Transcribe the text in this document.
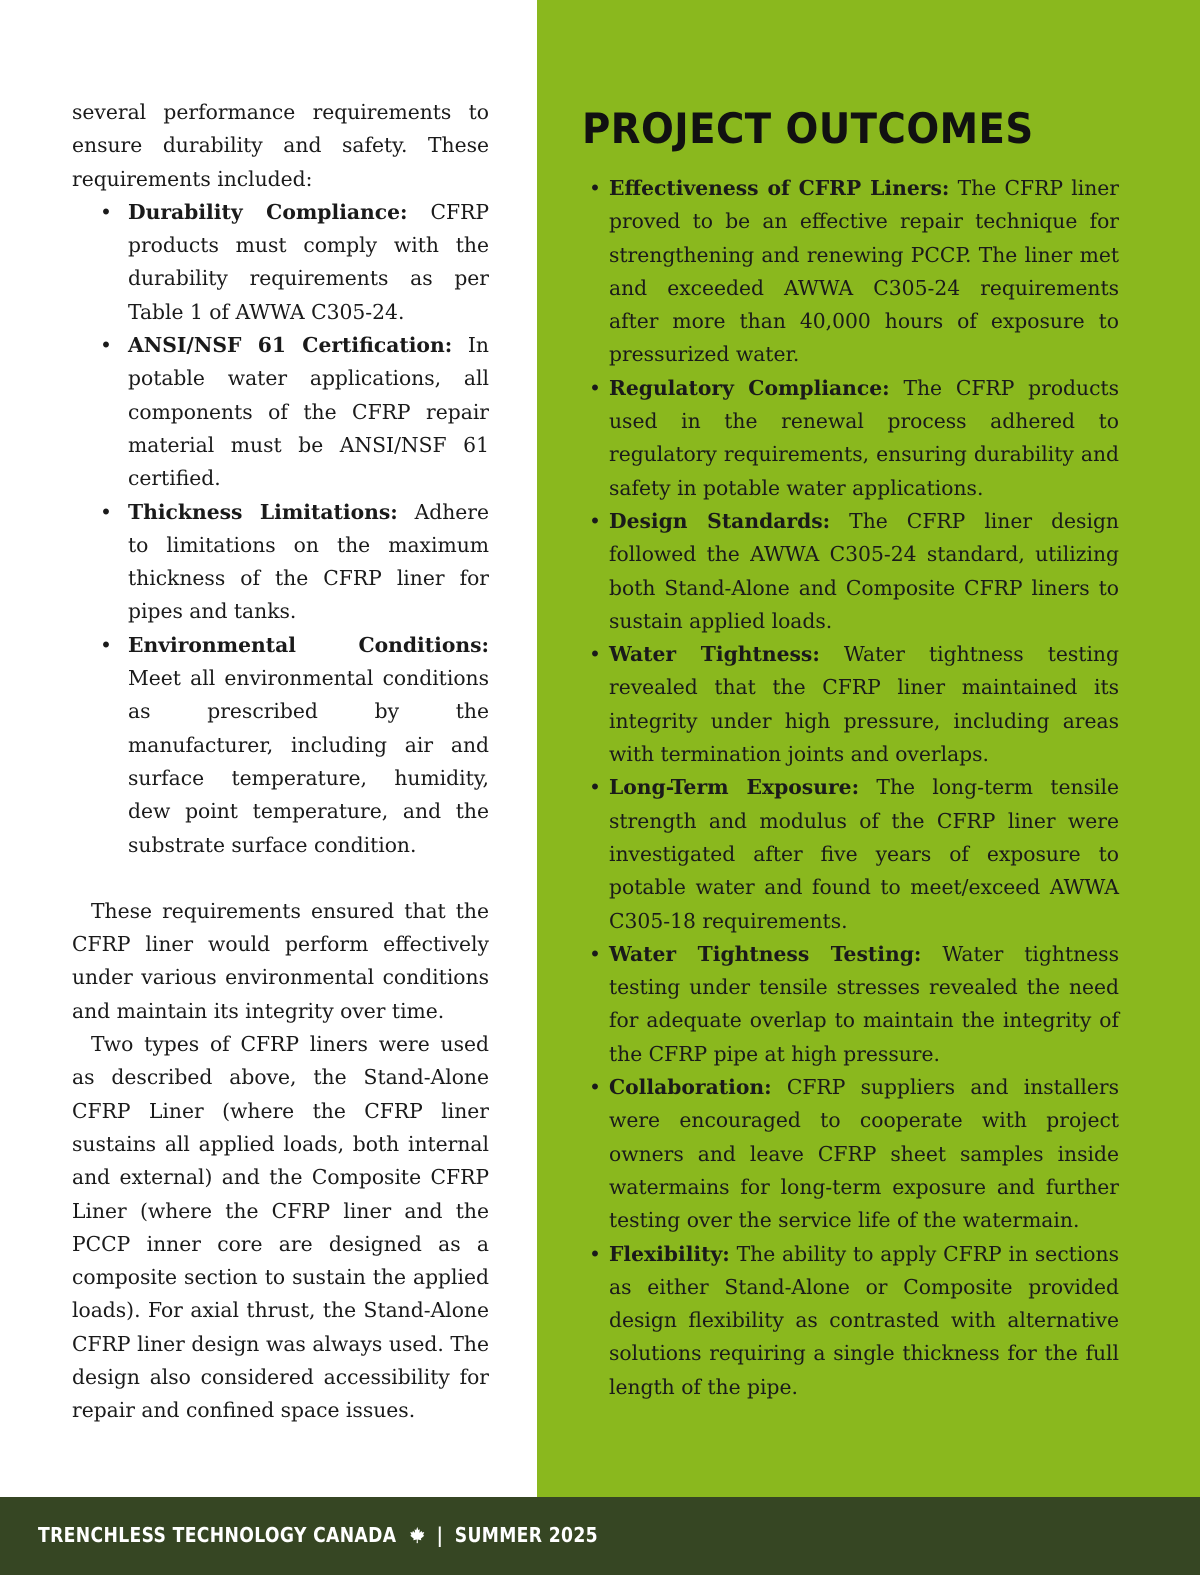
several performance requirements to ensure durability and safety. These requirements included:

• Durability Compliance: CFRP products must comply with the durability requirements as per Table 1 of AWWA C305-24.
• ANSI/NSF 61 Certification: In potable water applications, all components of the CFRP repair material must be ANSI/NSF 61 certified.
• Thickness Limitations: Adhere to limitations on the maximum thickness of the CFRP liner for pipes and tanks.
• Environmental Conditions: Meet all environmental conditions as prescribed by the manufacturer, including air and surface temperature, humidity, dew point temperature, and the substrate surface condition.

These requirements ensured that the CFRP liner would perform effectively under various environmental conditions and maintain its integrity over time.

Two types of CFRP liners were used as described above, the Stand-Alone CFRP Liner (where the CFRP liner sustains all applied loads, both internal and external) and the Composite CFRP Liner (where the CFRP liner and the PCCP inner core are designed as a composite section to sustain the applied loads). For axial thrust, the Stand-Alone CFRP liner design was always used. The design also considered accessibility for repair and confined space issues.

PROJECT OUTCOMES
• Effectiveness of CFRP Liners: The CFRP liner proved to be an effective repair technique for strengthening and renewing PCCP. The liner met and exceeded AWWA C305-24 requirements after more than 40,000 hours of exposure to pressurized water.
• Regulatory Compliance: The CFRP products used in the renewal process adhered to regulatory requirements, ensuring durability and safety in potable water applications.
• Design Standards: The CFRP liner design followed the AWWA C305-24 standard, utilizing both Stand-Alone and Composite CFRP liners to sustain applied loads.
• Water Tightness: Water tightness testing revealed that the CFRP liner maintained its integrity under high pressure, including areas with termination joints and overlaps.
• Long-Term Exposure: The long-term tensile strength and modulus of the CFRP liner were investigated after five years of exposure to potable water and found to meet/exceed AWWA C305-18 requirements.
• Water Tightness Testing: Water tightness testing under tensile stresses revealed the need for adequate overlap to maintain the integrity of the CFRP pipe at high pressure.
• Collaboration: CFRP suppliers and installers were encouraged to cooperate with project owners and leave CFRP sheet samples inside watermains for long-term exposure and further testing over the service life of the watermain.
• Flexibility: The ability to apply CFRP in sections as either Stand-Alone or Composite provided design flexibility as contrasted with alternative solutions requiring a single thickness for the full length of the pipe.
TRENCHLESS TECHNOLOGY CANADA | SUMMER 2025
